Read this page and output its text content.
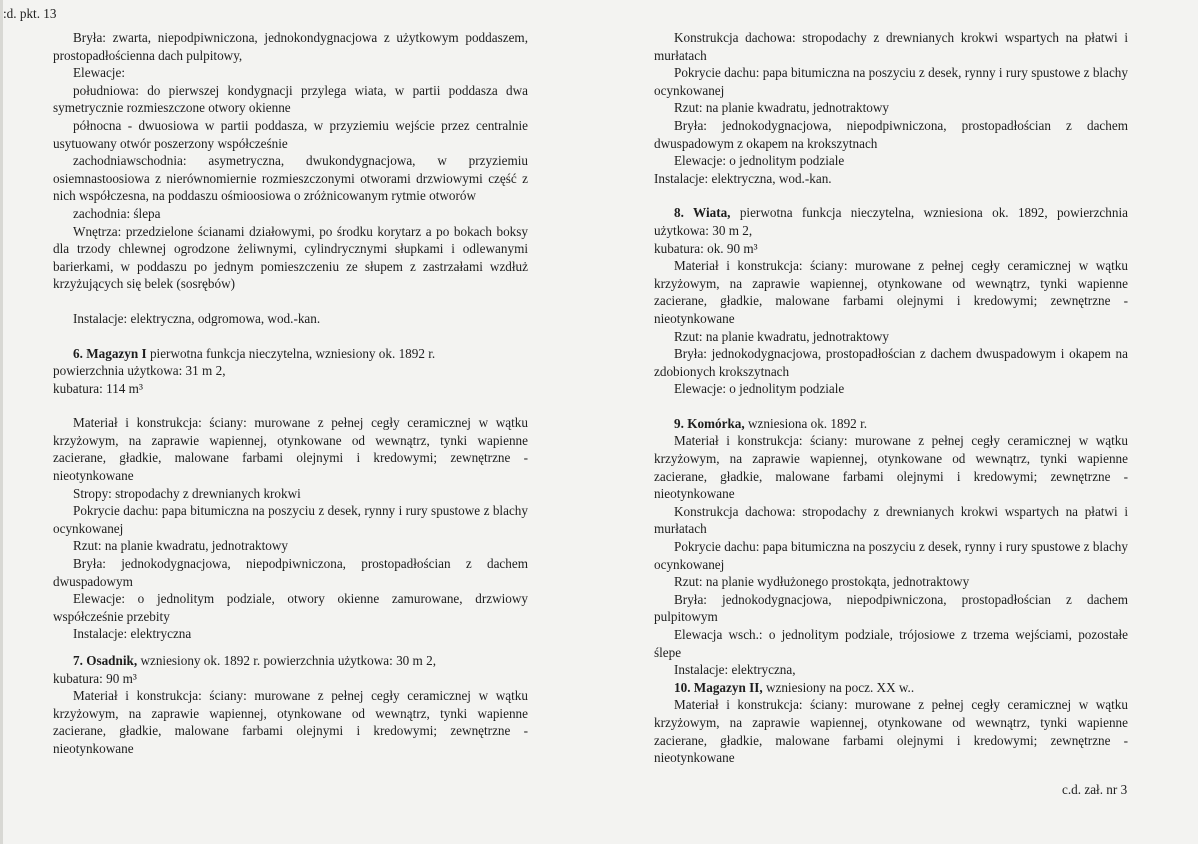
:d. pkt. 13

Bryła: zwarta, niepodpiwniczona, jednokondygnacjowa z użytkowym poddaszem, prostopadłościenna dach pulpitowy,

Elewacje:

południowa: do pierwszej kondygnacji przylega wiata, w partii poddasza dwa symetrycznie rozmieszczone otwory okienne

północna - dwuosiowa w partii poddasza, w przyziemiu wejście przez centralnie usytuowany otwór poszerzony współcześnie

zachodniawschodnia: asymetryczna, dwukondygnacjowa, w przyziemiu osiemnastoosiowa z nierównomiernie rozmieszczonymi otworami drzwiowymi część z nich współczesna, na poddaszu ośmioosiowa o zróżnicowanym rytmie otworów

zachodnia: ślepa

Wnętrza: przedzielone ścianami działowymi, po środku korytarz a po bokach boksy dla trzody chlewnej ogrodzone żeliwnymi, cylindrycznymi słupkami i odlewanymi barierkami, w poddaszu po jednym pomieszczeniu ze słupem z zastrzałami wzdłuż krzyżujących się belek (sosrębów)

Instalacje: elektryczna, odgromowa, wod.-kan.

6. Magazyn I pierwotna funkcja nieczytelna, wzniesiony ok. 1892 r.

powierzchnia użytkowa: 31 m 2,

kubatura: 114 m³

Materiał i konstrukcja: ściany: murowane z pełnej cegły ceramicznej w wątku krzyżowym, na zaprawie wapiennej, otynkowane od wewnątrz, tynki wapienne zacierane, gładkie, malowane farbami olejnymi i kredowymi; zewnętrzne - nieotynkowane

Stropy: stropodachy z drewnianych krokwi

Pokrycie dachu: papa bitumiczna na poszyciu z desek, rynny i rury spustowe z blachy ocynkowanej

Rzut: na planie kwadratu, jednotraktowy

Bryła: jednokodygnacjowa, niepodpiwniczona, prostopadłościan z dachem dwuspadowym

Elewacje: o jednolitym podziale, otwory okienne zamurowane, drzwiowy współcześnie przebity

Instalacje: elektryczna

7. Osadnik, wzniesiony ok. 1892 r. powierzchnia użytkowa: 30 m 2,

kubatura: 90 m³

Materiał i konstrukcja: ściany: murowane z pełnej cegły ceramicznej w wątku krzyżowym, na zaprawie wapiennej, otynkowane od wewnątrz, tynki wapienne zacierane, gładkie, malowane farbami olejnymi i kredowymi; zewnętrzne - nieotynkowane

Konstrukcja dachowa: stropodachy z drewnianych krokwi wspartych na płatwi i murłatach

Pokrycie dachu: papa bitumiczna na poszyciu z desek, rynny i rury spustowe z blachy ocynkowanej

Rzut: na planie kwadratu, jednotraktowy

Bryła: jednokodygnacjowa, niepodpiwniczona, prostopadłościan z dachem dwuspadowym z okapem na krokszytnach

Elewacje: o jednolitym podziale

Instalacje: elektryczna, wod.-kan.

8. Wiata, pierwotna funkcja nieczytelna, wzniesiona ok. 1892, powierzchnia użytkowa: 30 m 2,

kubatura: ok. 90 m³

Materiał i konstrukcja: ściany: murowane z pełnej cegły ceramicznej w wątku krzyżowym, na zaprawie wapiennej, otynkowane od wewnątrz, tynki wapienne zacierane, gładkie, malowane farbami olejnymi i kredowymi; zewnętrzne - nieotynkowane

Rzut: na planie kwadratu, jednotraktowy

Bryła: jednokodygnacjowa, prostopadłościan z dachem dwuspadowym i okapem na zdobionych krokszytnach

Elewacje: o jednolitym podziale

9. Komórka, wzniesiona ok. 1892 r.

Materiał i konstrukcja: ściany: murowane z pełnej cegły ceramicznej w wątku krzyżowym, na zaprawie wapiennej, otynkowane od wewnątrz, tynki wapienne zacierane, gładkie, malowane farbami olejnymi i kredowymi; zewnętrzne - nieotynkowane

Konstrukcja dachowa: stropodachy z drewnianych krokwi wspartych na płatwi i murłatach

Pokrycie dachu: papa bitumiczna na poszyciu z desek, rynny i rury spustowe z blachy ocynkowanej

Rzut: na planie wydłużonego prostokąta, jednotraktowy

Bryła: jednokodygnacjowa, niepodpiwniczona, prostopadłościan z dachem pulpitowym

Elewacja wsch.: o jednolitym podziale, trójosiowe z trzema wejściami, pozostałe ślepe

Instalacje: elektryczna,

10. Magazyn II, wzniesiony na pocz. XX w..

Materiał i konstrukcja: ściany: murowane z pełnej cegły ceramicznej w wątku krzyżowym, na zaprawie wapiennej, otynkowane od wewnątrz, tynki wapienne zacierane, gładkie, malowane farbami olejnymi i kredowymi; zewnętrzne - nieotynkowane

c.d. zał. nr 3
